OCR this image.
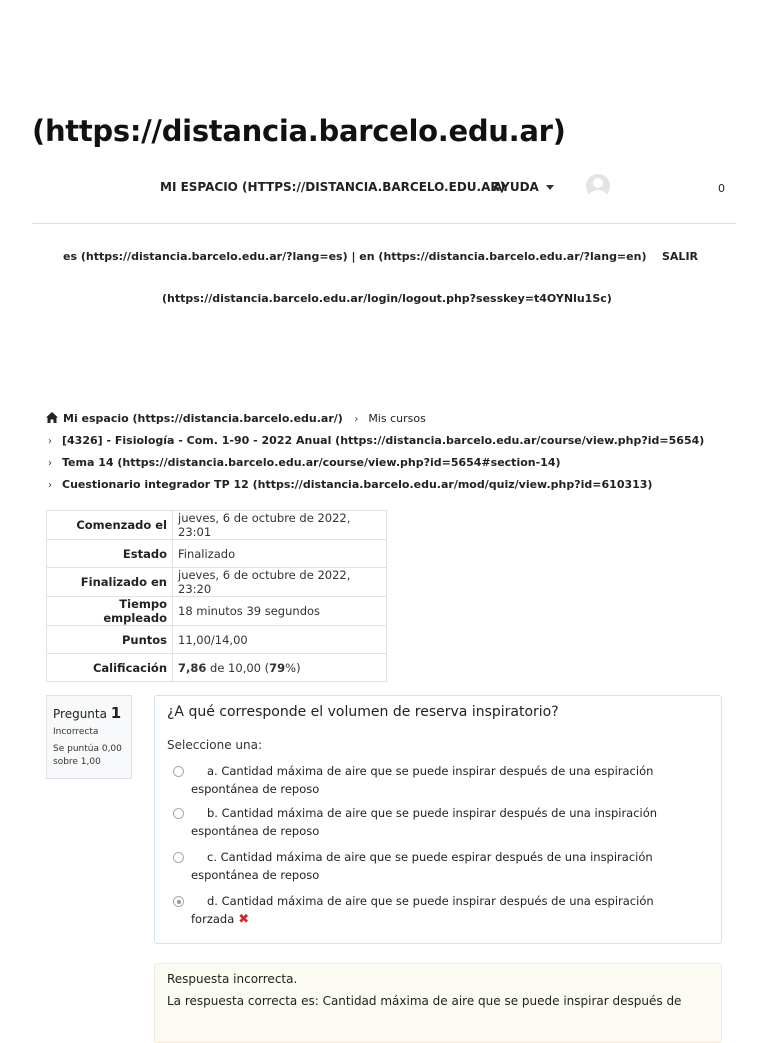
(https://distancia.barcelo.edu.ar)
MI ESPACIO (HTTPS://DISTANCIA.BARCELO.EDU.AR)
AYUDA	0
es (https://distancia.barcelo.edu.ar/?lang=es) | en (https://distancia.barcelo.edu.ar/?lang=en) SALIR
(https://distancia.barcelo.edu.ar/login/logout.php?sesskey=t4OYNlu1Sc)
Mi espacio (https://distancia.barcelo.edu.ar/) › Mis cursos
› [4326] - Fisiología - Com. 1-90 - 2022 Anual (https://distancia.barcelo.edu.ar/course/view.php?id=5654)
› Tema 14 (https://distancia.barcelo.edu.ar/course/view.php?id=5654#section-14)
› Cuestionario integrador TP 12 (https://distancia.barcelo.edu.ar/mod/quiz/view.php?id=610313)
Comenzado el	jueves, 6 de octubre de 2022, 23:01
Estado	Finalizado
Finalizado en	jueves, 6 de octubre de 2022, 23:20
Tiempo empleado	18 minutos 39 segundos
Puntos	11,00/14,00
Calificación	7,86 de 10,00 (79%)
Pregunta 1
Incorrecta
Se puntúa 0,00 sobre 1,00
¿A qué corresponde el volumen de reserva inspiratorio?
Seleccione una:
a. Cantidad máxima de aire que se puede inspirar después de una espiración
espontánea de reposo
b. Cantidad máxima de aire que se puede inspirar después de una inspiración
espontánea de reposo
c. Cantidad máxima de aire que se puede espirar después de una inspiración
espontánea de reposo
d. Cantidad máxima de aire que se puede inspirar después de una espiración
forzada ✖
Respuesta incorrecta.
La respuesta correcta es: Cantidad máxima de aire que se puede inspirar después de
